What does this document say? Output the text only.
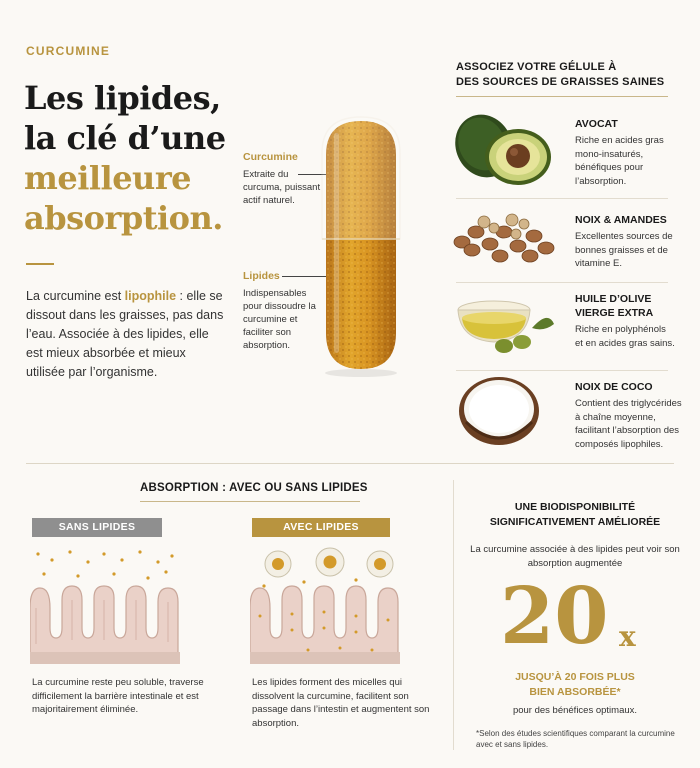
CURCUMINE
Les lipides,
la clé d’une
meilleure
absorption.

La curcumine est lipophile : elle se dissout dans les graisses, pas dans l’eau. Associée à des lipides, elle est mieux absorbée et mieux utilisée par l’organisme.

Curcumine
Extraite du curcuma, puissant actif naturel.
Lipides
Indispensables pour dissoudre la curcumine et faciliter son absorption.
ASSOCIEZ VOTRE GÉLULE À
DES SOURCES DE GRAISSES SAINES
AVOCAT
Riche en acides gras mono-insaturés, bénéfiques pour l’absorption.
NOIX & AMANDES
Excellentes sources de bonnes graisses et de vitamine E.
HUILE D’OLIVE VIERGE EXTRA
Riche en polyphénols et en acides gras sains.
NOIX DE COCO
Contient des triglycérides à chaîne moyenne, facilitant l’absorption des composés lipophiles.
ABSORPTION : AVEC OU SANS LIPIDES
SANS LIPIDES
La curcumine reste peu soluble, traverse difficilement la barrière intestinale et est majoritairement éliminée.
AVEC LIPIDES
Les lipides forment des micelles qui dissolvent la curcumine, facilitent son passage dans l’intestin et augmentent son absorption.
UNE BIODISPONIBILITÉ
SIGNIFICATIVEMENT AMÉLIORÉE
La curcumine associée à des lipides peut voir son absorption augmentée
20 x
JUSQU’À 20 FOIS PLUS
BIEN ABSORBÉE*
pour des bénéfices optimaux.
*Selon des études scientifiques comparant la curcumine avec et sans lipides.
